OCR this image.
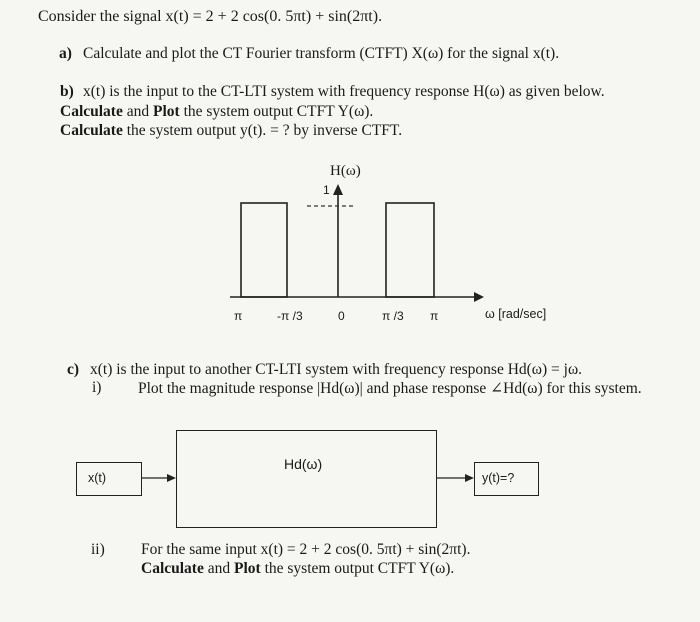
Consider the signal x(t) = 2 + 2 cos(0. 5πt) + sin(2πt).
a) Calculate and plot the CT Fourier transform (CTFT) X(ω) for the signal x(t).
b) x(t) is the input to the CT-LTI system with frequency response H(ω) as given below.
Calculate and Plot the system output CTFT Y(ω).
Calculate the system output y(t). = ? by inverse CTFT.
H(ω)
1
π	-π /3	0	π /3 π	ω [rad/sec]
c) x(t) is the input to another CT-LTI system with frequency response Hd(ω) = jω.
i) Plot the magnitude response |Hd(ω)| and phase response ∠Hd(ω) for this system.
x(t)
Hd(ω)
y(t)=?
ii) For the same input x(t) = 2 + 2 cos(0. 5πt) + sin(2πt).
Calculate and Plot the system output CTFT Y(ω).
